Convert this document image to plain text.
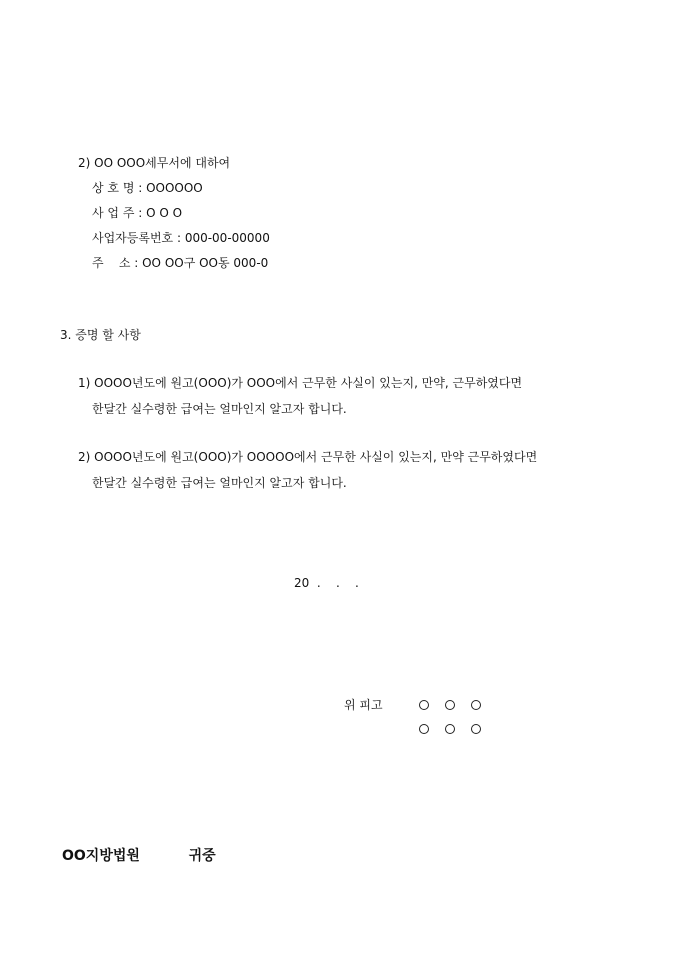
2) OO OOO세무서에 대하여
상 호 명 : OOOOOO
사 업 주 : O O O
사업자등록번호 : 000-00-00000
주    소 : OO OO구 OO동 000-0
3. 증명 할 사항
1) OOOO년도에 원고(OOO)가 OOO에서 근무한 사실이 있는지, 만약, 근무하였다면
한달간 실수령한 급여는 얼마인지 알고자 합니다.
2) OOOO년도에 원고(OOO)가 OOOOO에서 근무한 사실이 있는지, 만약 근무하였다면
한달간 실수령한 급여는 얼마인지 알고자 합니다.
20  .    .    .
위 피고
OO지방법원          귀중
